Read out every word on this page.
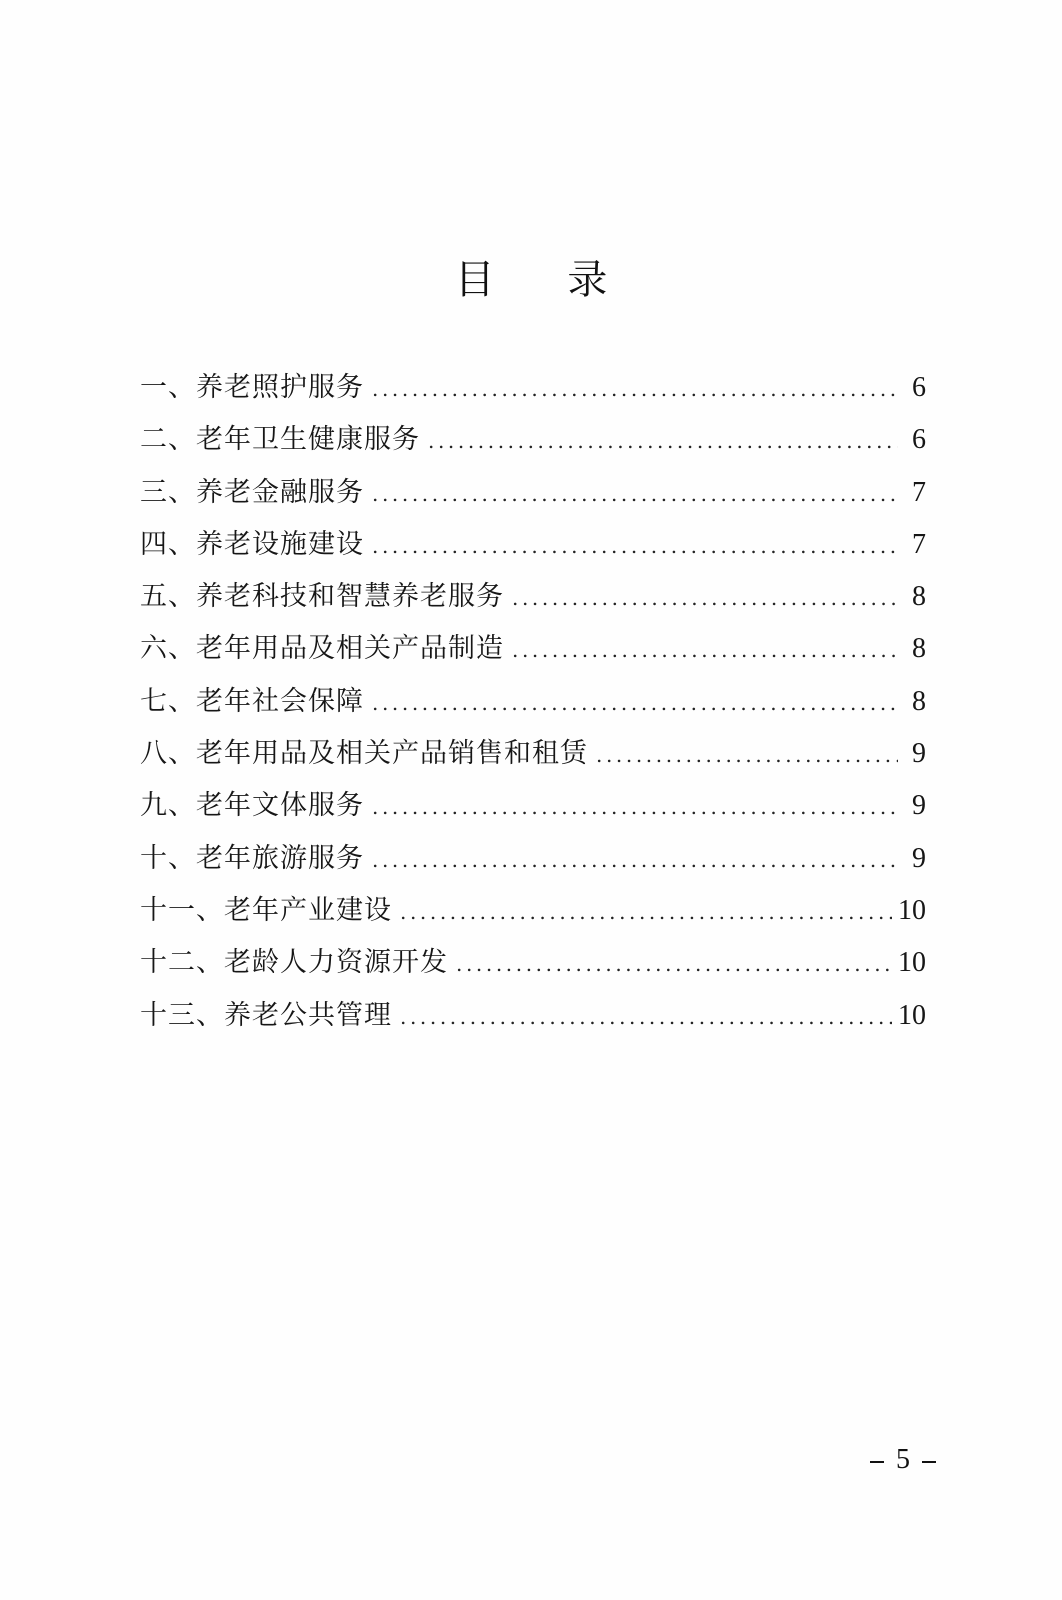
目 录
一、养老照护服务 .....	6
二、老年卫生健康服务 .....	6
三、养老金融服务 .....	7
四、养老设施建设 .....	7
五、养老科技和智慧养老服务 .....	8
六、老年用品及相关产品制造 .....	8
七、老年社会保障 .....	8
八、老年用品及相关产品销售和租赁 .....	9
九、老年文体服务 .....	9
十、老年旅游服务 .....	9
十一、老年产业建设 .....	10
十二、老龄人力资源开发 .....	10
十三、养老公共管理 .....	10
5
